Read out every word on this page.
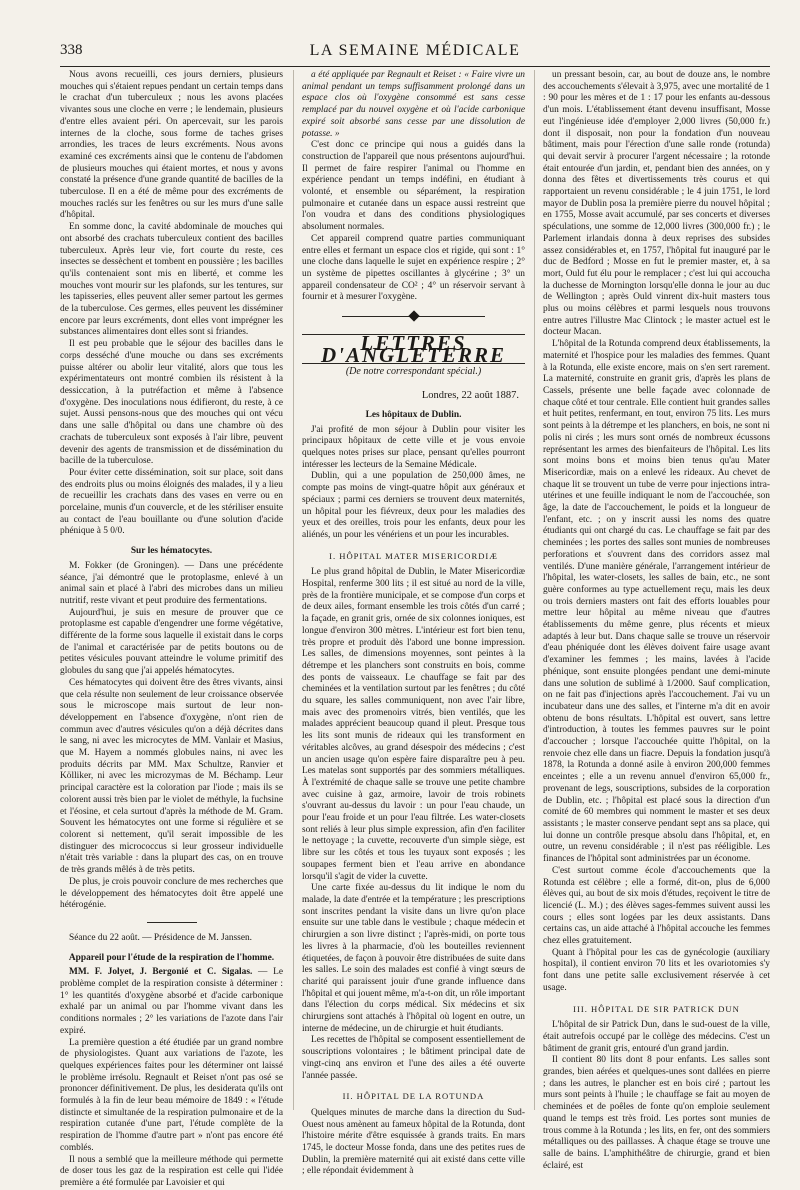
338	LA SEMAINE MÉDICALE

Nous avons recueilli, ces jours derniers, plusieurs mouches qui s'étaient repues pendant un certain temps dans le crachat d'un tuberculeux ; nous les avons placées vivantes sous une cloche en verre ; le lendemain, plusieurs d'entre elles avaient péri. On apercevait, sur les parois internes de la cloche, sous forme de taches grises arrondies, les traces de leurs excréments. Nous avons examiné ces excréments ainsi que le contenu de l'abdomen de plusieurs mouches qui étaient mortes, et nous y avons constaté la présence d'une grande quantité de bacilles de la tuberculose. Il en a été de même pour des excréments de mouches raclés sur les fenêtres ou sur les murs d'une salle d'hôpital.

En somme donc, la cavité abdominale de mouches qui ont absorbé des crachats tuberculeux contient des bacilles tuberculeux. Après leur vie, fort courte du reste, ces insectes se dessèchent et tombent en poussière ; les bacilles qu'ils contenaient sont mis en liberté, et comme les mouches vont mourir sur les plafonds, sur les tentures, sur les tapisseries, elles peuvent aller semer partout les germes de la tuberculose. Ces germes, elles peuvent les disséminer encore par leurs excréments, dont elles vont imprégner les substances alimentaires dont elles sont si friandes.

Il est peu probable que le séjour des bacilles dans le corps desséché d'une mouche ou dans ses excréments puisse altérer ou abolir leur vitalité, alors que tous les expérimentateurs ont montré combien ils résistent à la dessiccation, à la putréfaction et même à l'absence d'oxygène. Des inoculations nous édifieront, du reste, à ce sujet. Aussi pensons-nous que des mouches qui ont vécu dans une salle d'hôpital ou dans une chambre où des crachats de tuberculeux sont exposés à l'air libre, peuvent devenir des agents de transmission et de dissémination du bacille de la tuberculose.

Pour éviter cette dissémination, soit sur place, soit dans des endroits plus ou moins éloignés des malades, il y a lieu de recueillir les crachats dans des vases en verre ou en porcelaine, munis d'un couvercle, et de les stériliser ensuite au contact de l'eau bouillante ou d'une solution d'acide phénique à 5 0/0.

Sur les hématocytes.

M. Fokker (de Groningen). — Dans une précédente séance, j'ai démontré que le protoplasme, enlevé à un animal sain et placé à l'abri des microbes dans un milieu nutritif, reste vivant et peut produire des fermentations.

Aujourd'hui, je suis en mesure de prouver que ce protoplasme est capable d'engendrer une forme végétative, différente de la forme sous laquelle il existait dans le corps de l'animal et caractérisée par de petits boutons ou de petites vésicules pouvant atteindre le volume primitif des globules du sang que j'ai appelés hématocytes.

Ces hématocytes qui doivent être des êtres vivants, ainsi que cela résulte non seulement de leur croissance observée sous le microscope mais surtout de leur non-développement en l'absence d'oxygène, n'ont rien de commun avec d'autres vésicules qu'on a déjà décrites dans le sang, ni avec les microcytes de MM. Vanlair et Masius, que M. Hayem a nommés globules nains, ni avec les produits décrits par MM. Max Schultze, Ranvier et Kölliker, ni avec les microzymas de M. Béchamp. Leur principal caractère est la coloration par l'iode ; mais ils se colorent aussi très bien par le violet de méthyle, la fuchsine et l'éosine, et cela surtout d'après la méthode de M. Gram. Souvent les hématocytes ont une forme si régulière et se colorent si nettement, qu'il serait impossible de les distinguer des micrococcus si leur grosseur individuelle n'était très variable : dans la plupart des cas, on en trouve de très grands mêlés à de très petits.

De plus, je crois pouvoir conclure de mes recherches que le développement des hématocytes doit être appelé une hétérogénie.

Séance du 22 août. — Présidence de M. Janssen.

Appareil pour l'étude de la respiration de l'homme.

MM. F. Jolyet, J. Bergonié et C. Sigalas. — Le problème complet de la respiration consiste à déterminer : 1° les quantités d'oxygène absorbé et d'acide carbonique exhalé par un animal ou par l'homme vivant dans les conditions normales ; 2° les variations de l'azote dans l'air expiré.

La première question a été étudiée par un grand nombre de physiologistes. Quant aux variations de l'azote, les quelques expériences faites pour les déterminer ont laissé le problème irrésolu. Regnault et Reiset n'ont pas osé se prononcer définitivement. De plus, les desiderata qu'ils ont formulés à la fin de leur beau mémoire de 1849 : « l'étude distincte et simultanée de la respiration pulmonaire et de la respiration cutanée d'une part, l'étude complète de la respiration de l'homme d'autre part » n'ont pas encore été comblés.

Il nous a semblé que la meilleure méthode qui permette de doser tous les gaz de la respiration est celle qui l'idée première a été formulée par Lavoisier et qui

a été appliquée par Regnault et Reiset : « Faire vivre un animal pendant un temps suffisamment prolongé dans un espace clos où l'oxygène consommé est sans cesse remplacé par du nouvel oxygène et où l'acide carbonique expiré soit absorbé sans cesse par une dissolution de potasse. »

C'est donc ce principe qui nous a guidés dans la construction de l'appareil que nous présentons aujourd'hui. Il permet de faire respirer l'animal ou l'homme en expérience pendant un temps indéfini, en étudiant à volonté, et ensemble ou séparément, la respiration pulmonaire et cutanée dans un espace aussi restreint que l'on voudra et dans des conditions physiologiques absolument normales.

Cet appareil comprend quatre parties communiquant entre elles et fermant un espace clos et rigide, qui sont : 1° une cloche dans laquelle le sujet en expérience respire ; 2° un système de pipettes oscillantes à glycérine ; 3° un appareil condensateur de CO² ; 4° un réservoir servant à fournir et à mesurer l'oxygène.

LETTRES D'ANGLETERRE
(De notre correspondant spécial.)
Londres, 22 août 1887.
Les hôpitaux de Dublin.

J'ai profité de mon séjour à Dublin pour visiter les principaux hôpitaux de cette ville et je vous envoie quelques notes prises sur place, pensant qu'elles pourront intéresser les lecteurs de la Semaine Médicale.

Dublin, qui a une population de 250,000 âmes, ne compte pas moins de vingt-quatre hôpit aux généraux et spéciaux ; parmi ces derniers se trouvent deux maternités, un hôpital pour les fiévreux, deux pour les maladies des yeux et des oreilles, trois pour les enfants, deux pour les aliénés, un pour les vénériens et un pour les incurables.

I. HÔPITAL MATER MISERICORDIÆ

Le plus grand hôpital de Dublin, le Mater Misericordiæ Hospital, renferme 300 lits ; il est situé au nord de la ville, près de la frontière municipale, et se compose d'un corps et de deux ailes, formant ensemble les trois côtés d'un carré ; la façade, en granit gris, ornée de six colonnes ioniques, est longue d'environ 300 mètres. L'intérieur est fort bien tenu, très propre et produit dès l'abord une bonne impression. Les salles, de dimensions moyennes, sont peintes à la détrempe et les planchers sont construits en bois, comme des ponts de vaisseaux. Le chauffage se fait par des cheminées et la ventilation surtout par les fenêtres ; du côté du square, les salles communiquent, non avec l'air libre, mais avec des promenoirs vitrés, bien ventilés, que les malades apprécient beaucoup quand il pleut. Presque tous les lits sont munis de rideaux qui les transforment en véritables alcôves, au grand désespoir des médecins ; c'est un ancien usage qu'on espère faire disparaître peu à peu. Les matelas sont supportés par des sommiers métalliques. À l'extrémité de chaque salle se trouve une petite chambre avec cuisine à gaz, armoire, lavoir de trois robinets s'ouvrant au-dessus du lavoir : un pour l'eau chaude, un pour l'eau froide et un pour l'eau filtrée. Les water-closets sont reliés à leur plus simple expression, afin d'en faciliter le nettoyage ; la cuvette, recouverte d'un simple siège, est libre sur les côtés et tous les tuyaux sont exposés ; les soupapes ferment bien et l'eau arrive en abondance lorsqu'il s'agit de vider la cuvette.

Une carte fixée au-dessus du lit indique le nom du malade, la date d'entrée et la température ; les prescriptions sont inscrites pendant la visite dans un livre qu'on place ensuite sur une table dans le vestibule ; chaque médecin et chirurgien a son livre distinct ; l'après-midi, on porte tous les livres à la pharmacie, d'où les bouteilles reviennent étiquetées, de façon à pouvoir être distribuées de suite dans les salles. Le soin des malades est confié à vingt sœurs de charité qui paraissent jouir d'une grande influence dans l'hôpital et qui jouent même, m'a-t-on dit, un rôle important dans l'élection du corps médical. Six médecins et six chirurgiens sont attachés à l'hôpital où logent en outre, un interne de médecine, un de chirurgie et huit étudiants.

Les recettes de l'hôpital se composent essentiellement de souscriptions volontaires ; le bâtiment principal date de vingt-cinq ans environ et l'une des ailes a été ouverte l'année passée.

II. HÔPITAL DE LA ROTUNDA

Quelques minutes de marche dans la direction du Sud-Ouest nous amènent au fameux hôpital de la Rotunda, dont l'histoire mérite d'être esquissée à grands traits. En mars 1745, le docteur Mosse fonda, dans une des petites rues de Dublin, la première maternité qui ait existé dans cette ville ; elle répondait évidemment à

un pressant besoin, car, au bout de douze ans, le nombre des accouchements s'élevait à 3,975, avec une mortalité de 1 : 90 pour les mères et de 1 : 17 pour les enfants au-dessous d'un mois. L'établissement étant devenu insuffisant, Mosse eut l'ingénieuse idée d'employer 2,000 livres (50,000 fr.) dont il disposait, non pour la fondation d'un nouveau bâtiment, mais pour l'érection d'une salle ronde (rotunda) qui devait servir à procurer l'argent nécessaire ; la rotonde était entourée d'un jardin, et, pendant bien des années, on y donna des fêtes et divertissements très courus et qui rapportaient un revenu considérable ; le 4 juin 1751, le lord mayor de Dublin posa la première pierre du nouvel hôpital ; en 1755, Mosse avait accumulé, par ses concerts et diverses spéculations, une somme de 12,000 livres (300,000 fr.) ; le Parlement irlandais donna à deux reprises des subsides assez considérables et, en 1757, l'hôpital fut inauguré par le duc de Bedford ; Mosse en fut le premier master, et, à sa mort, Ould fut élu pour le remplacer ; c'est lui qui accoucha la duchesse de Mornington lorsqu'elle donna le jour au duc de Wellington ; après Ould vinrent dix-huit masters tous plus ou moins célèbres et parmi lesquels nous trouvons entre autres l'illustre Mac Clintock ; le master actuel est le docteur Macan.

L'hôpital de la Rotunda comprend deux établissements, la maternité et l'hospice pour les maladies des femmes. Quant à la Rotunda, elle existe encore, mais on s'en sert rarement. La maternité, construite en granit gris, d'après les plans de Cassels, présente une belle façade avec colonnade de chaque côté et tour centrale. Elle contient huit grandes salles et huit petites, renfermant, en tout, environ 75 lits. Les murs sont peints à la détrempe et les planchers, en bois, ne sont ni polis ni cirés ; les murs sont ornés de nombreux écussons représentant les armes des bienfaiteurs de l'hôpital. Les lits sont moins bons et moins bien tenus qu'au Mater Misericordiæ, mais on a enlevé les rideaux. Au chevet de chaque lit se trouvent un tube de verre pour injections intra-utérines et une feuille indiquant le nom de l'accouchée, son âge, la date de l'accouchement, le poids et la longueur de l'enfant, etc. ; on y inscrit aussi les noms des quatre étudiants qui ont chargé du cas. Le chauffage se fait par des cheminées ; les portes des salles sont munies de nombreuses perforations et s'ouvrent dans des corridors assez mal ventilés. D'une manière générale, l'arrangement intérieur de l'hôpital, les water-closets, les salles de bain, etc., ne sont guère conformes au type actuellement reçu, mais les deux ou trois derniers masters ont fait des efforts louables pour mettre leur hôpital au même niveau que d'autres établissements du même genre, plus récents et mieux adaptés à leur but. Dans chaque salle se trouve un réservoir d'eau phéniquée dont les élèves doivent faire usage avant d'examiner les femmes ; les mains, lavées à l'acide phénique, sont ensuite plongées pendant une demi-minute dans une solution de sublimé à 1/2000. Sauf complication, on ne fait pas d'injections après l'accouchement. J'ai vu un incubateur dans une des salles, et l'interne m'a dit en avoir obtenu de bons résultats. L'hôpital est ouvert, sans lettre d'introduction, à toutes les femmes pauvres sur le point d'accoucher ; lorsque l'accouchée quitte l'hôpital, on la renvoie chez elle dans un fiacre. Depuis la fondation jusqu'à 1878, la Rotunda a donné asile à environ 200,000 femmes enceintes ; elle a un revenu annuel d'environ 65,000 fr., provenant de legs, souscriptions, subsides de la corporation de Dublin, etc. ; l'hôpital est placé sous la direction d'un comité de 60 membres qui nomment le master et ses deux assistants ; le master conserve pendant sept ans sa place, qui lui donne un contrôle presque absolu dans l'hôpital, et, en outre, un revenu considérable ; il n'est pas rééligible. Les finances de l'hôpital sont administrées par un économe.

C'est surtout comme école d'accouchements que la Rotunda est célèbre ; elle a formé, dit-on, plus de 6,000 élèves qui, au bout de six mois d'études, reçoivent le titre de licencié (L. M.) ; des élèves sages-femmes suivent aussi les cours ; elles sont logées par les deux assistants. Dans certains cas, un aide attaché à l'hôpital accouche les femmes chez elles gratuitement.

Quant à l'hôpital pour les cas de gynécologie (auxiliary hospital), il contient environ 70 lits et les ovariotomies s'y font dans une petite salle exclusivement réservée à cet usage.

III. HÔPITAL DE SIR PATRICK DUN

L'hôpital de sir Patrick Dun, dans le sud-ouest de la ville, était autrefois occupé par le collège des médecins. C'est un bâtiment de granit gris, entouré d'un grand jardin.

Il contient 80 lits dont 8 pour enfants. Les salles sont grandes, bien aérées et quelques-unes sont dallées en pierre ; dans les autres, le plancher est en bois ciré ; partout les murs sont peints à l'huile ; le chauffage se fait au moyen de cheminées et de poêles de fonte qu'on emploie seulement quand le temps est très froid. Les portes sont munies de trous comme à la Rotunda ; les lits, en fer, ont des sommiers métalliques ou des paillasses. À chaque étage se trouve une salle de bains. L'amphithéâtre de chirurgie, grand et bien éclairé, est
